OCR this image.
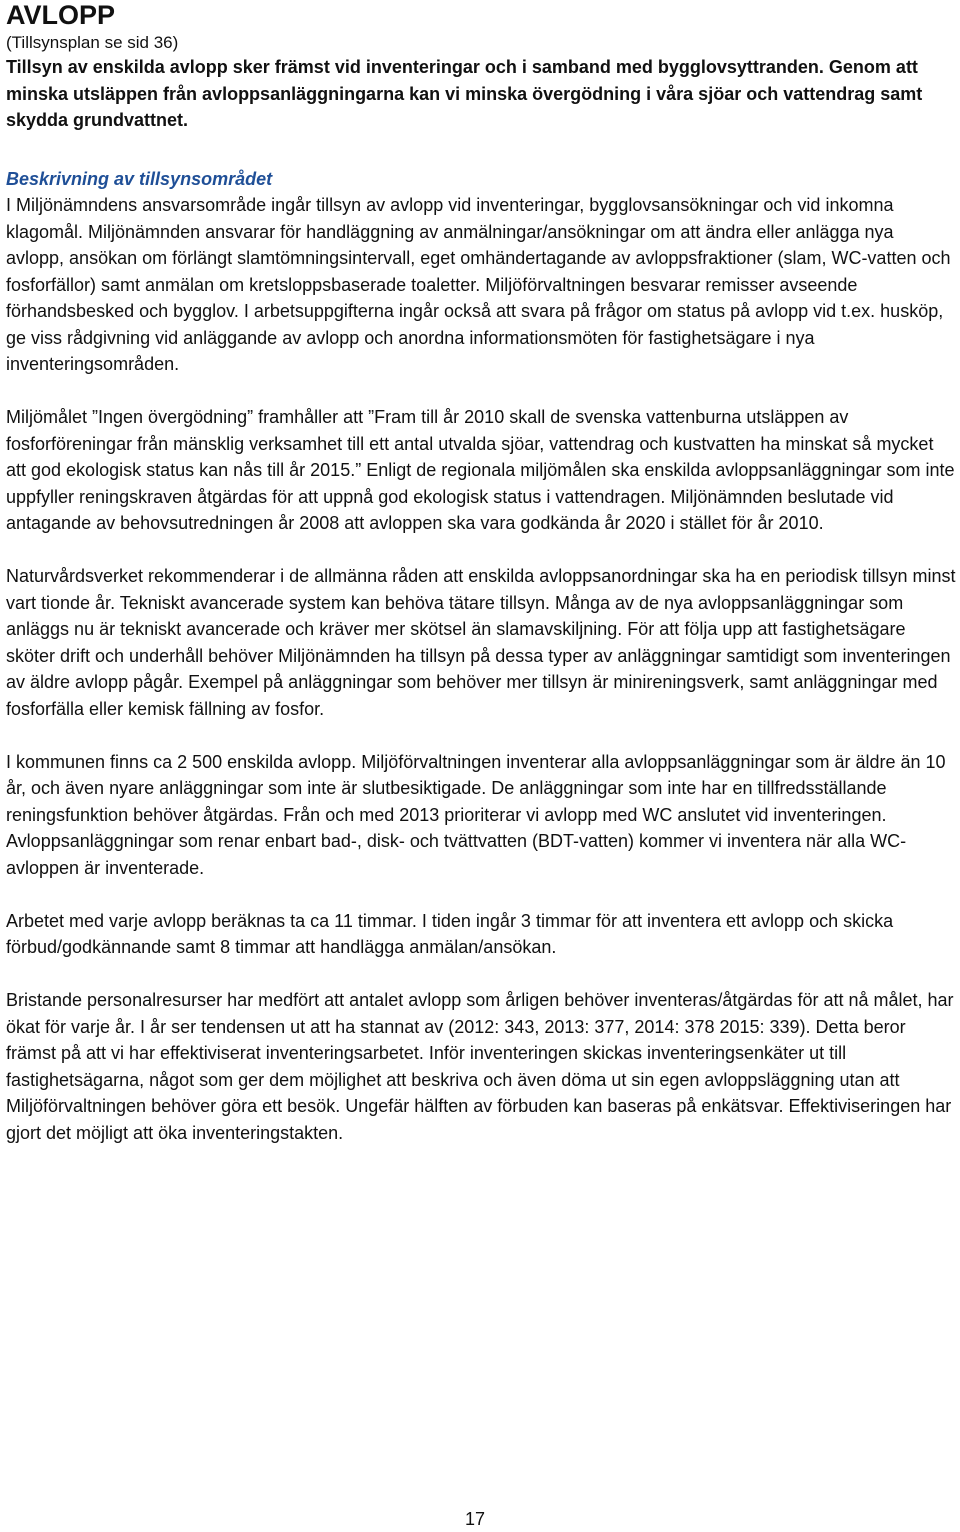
AVLOPP
(Tillsynsplan se sid 36)

Tillsyn av enskilda avlopp sker främst vid inventeringar och i samband med bygglovsyttranden. Genom att minska utsläppen från avloppsanläggningarna kan vi minska övergödning i våra sjöar och vattendrag samt skydda grundvattnet.

Beskrivning av tillsynsområdet

I Miljönämndens ansvarsområde ingår tillsyn av avlopp vid inventeringar, bygglovsansökningar och vid inkomna klagomål. Miljönämnden ansvarar för handläggning av anmälningar/ansökningar om att ändra eller anlägga nya avlopp, ansökan om förlängt slamtömningsintervall, eget omhändertagande av avloppsfraktioner (slam, WC-vatten och fosforfällor) samt anmälan om kretsloppsbaserade toaletter. Miljöförvaltningen besvarar remisser avseende förhandsbesked och bygglov. I arbetsuppgifterna ingår också att svara på frågor om status på avlopp vid t.ex. husköp, ge viss rådgivning vid anläggande av avlopp och anordna informationsmöten för fastighetsägare i nya inventeringsområden.

Miljömålet ”Ingen övergödning” framhåller att ”Fram till år 2010 skall de svenska vattenburna utsläppen av fosforföreningar från mänsklig verksamhet till ett antal utvalda sjöar, vattendrag och kustvatten ha minskat så mycket att god ekologisk status kan nås till år 2015.” Enligt de regionala miljömålen ska enskilda avloppsanläggningar som inte uppfyller reningskraven åtgärdas för att uppnå god ekologisk status i vattendragen. Miljönämnden beslutade vid antagande av behovsutredningen år 2008 att avloppen ska vara godkända år 2020 i stället för år 2010.

Naturvårdsverket rekommenderar i de allmänna råden att enskilda avloppsanordningar ska ha en periodisk tillsyn minst vart tionde år. Tekniskt avancerade system kan behöva tätare tillsyn. Många av de nya avloppsanläggningar som anläggs nu är tekniskt avancerade och kräver mer skötsel än slamavskiljning. För att följa upp att fastighetsägare sköter drift och underhåll behöver Miljönämnden ha tillsyn på dessa typer av anläggningar samtidigt som inventeringen av äldre avlopp pågår. Exempel på anläggningar som behöver mer tillsyn är minireningsverk, samt anläggningar med fosforfälla eller kemisk fällning av fosfor.

I kommunen finns ca 2 500 enskilda avlopp. Miljöförvaltningen inventerar alla avloppsanläggningar som är äldre än 10 år, och även nyare anläggningar som inte är slutbesiktigade. De anläggningar som inte har en tillfredsställande reningsfunktion behöver åtgärdas. Från och med 2013 prioriterar vi avlopp med WC anslutet vid inventeringen. Avloppsanläggningar som renar enbart bad-, disk- och tvättvatten (BDT-vatten) kommer vi inventera när alla WC-avloppen är inventerade.

Arbetet med varje avlopp beräknas ta ca 11 timmar. I tiden ingår 3 timmar för att inventera ett avlopp och skicka förbud/godkännande samt 8 timmar att handlägga anmälan/ansökan.

Bristande personalresurser har medfört att antalet avlopp som årligen behöver inventeras/åtgärdas för att nå målet, har ökat för varje år. I år ser tendensen ut att ha stannat av (2012: 343, 2013: 377, 2014: 378 2015: 339). Detta beror främst på att vi har effektiviserat inventeringsarbetet. Inför inventeringen skickas inventeringsenkäter ut till fastighetsägarna, något som ger dem möjlighet att beskriva och även döma ut sin egen avloppsläggning utan att Miljöförvaltningen behöver göra ett besök. Ungefär hälften av förbuden kan baseras på enkätsvar. Effektiviseringen har gjort det möjligt att öka inventeringstakten.

17
